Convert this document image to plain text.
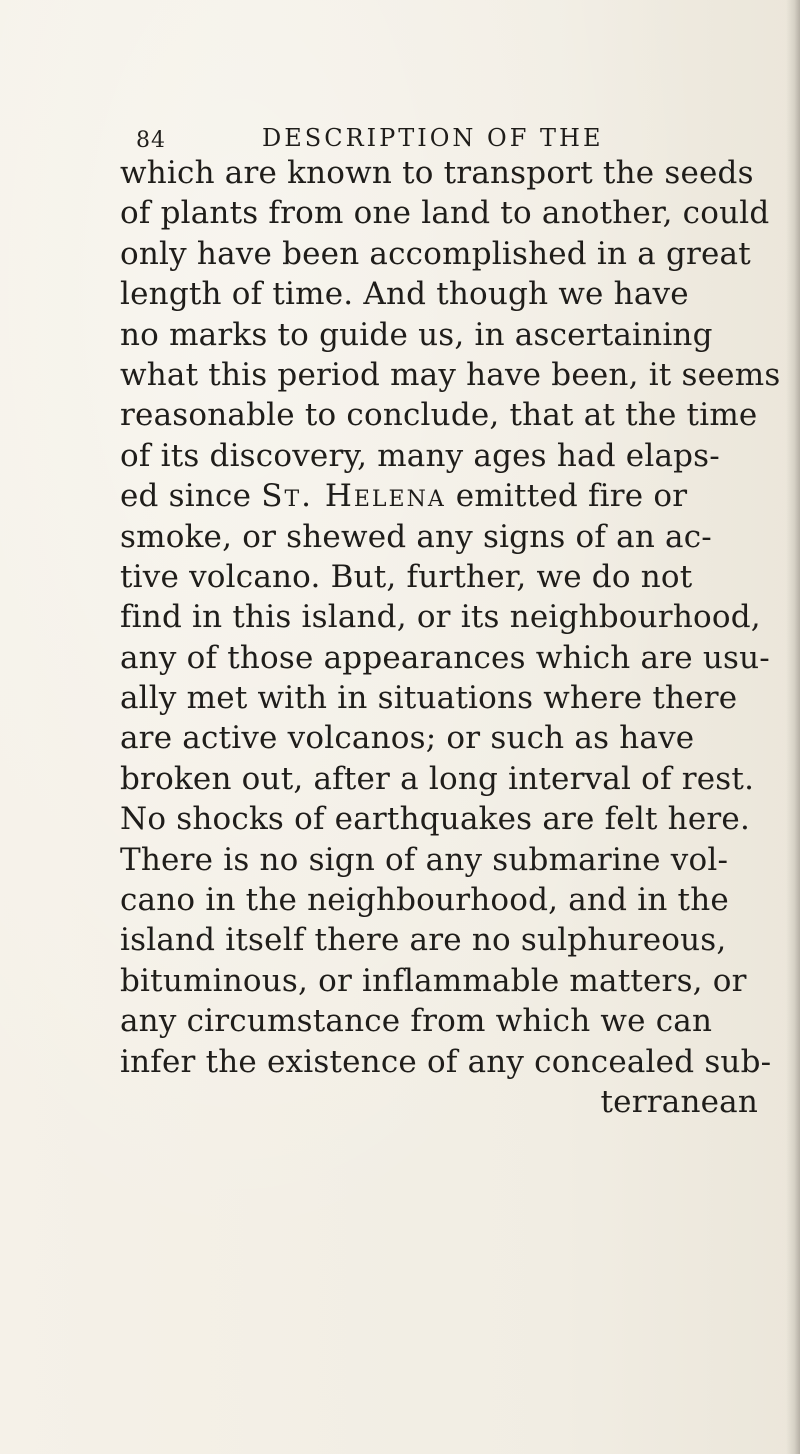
84	DESCRIPTION OF THE
which are known to transport the seeds
of plants from one land to another, could
only have been accomplished in a great
length of time. And though we have
no marks to guide us, in ascertaining
what this period may have been, it seems
reasonable to conclude, that at the time
of its discovery, many ages had elaps-
ed since St. Helena emitted fire or
smoke, or shewed any signs of an ac-
tive volcano. But, further, we do not
find in this island, or its neighbourhood,
any of those appearances which are usu-
ally met with in situations where there
are active volcanos; or such as have
broken out, after a long interval of rest.
No shocks of earthquakes are felt here.
There is no sign of any submarine vol-
cano in the neighbourhood, and in the
island itself there are no sulphureous,
bituminous, or inflammable matters, or
any circumstance from which we can
infer the existence of any concealed sub-
terranean
